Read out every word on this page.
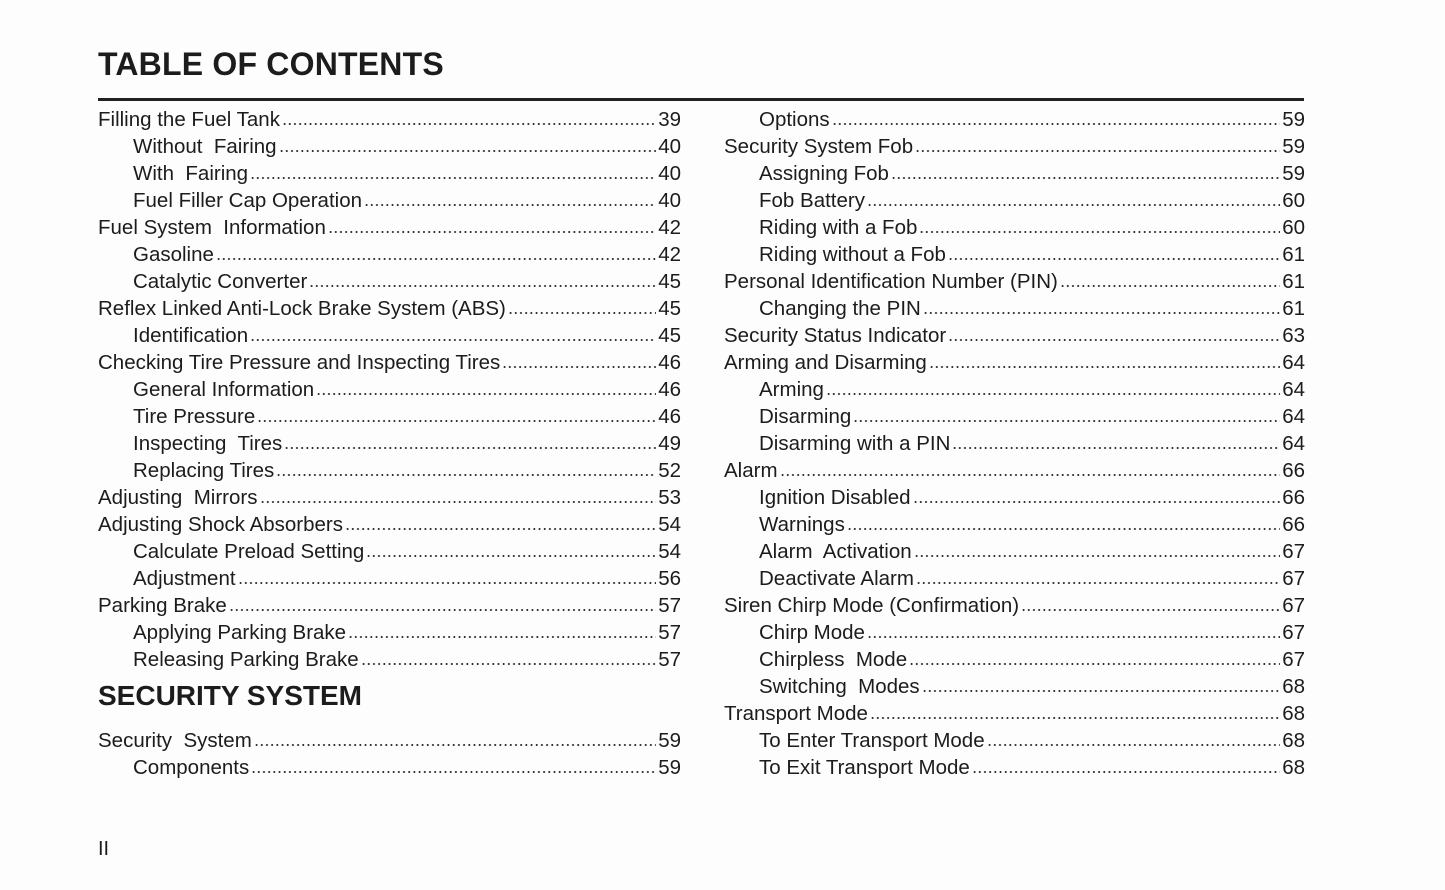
TABLE OF CONTENTS
Filling the Fuel Tank	39
Without  Fairing	40
With  Fairing	40
Fuel Filler Cap Operation	40
Fuel System  Information	42
Gasoline	42
Catalytic Converter	45
Reflex Linked Anti-Lock Brake System (ABS)	45
Identification	45
Checking Tire Pressure and Inspecting Tires	46
General Information	46
Tire Pressure	46
Inspecting  Tires	49
Replacing Tires	52
Adjusting  Mirrors	53
Adjusting Shock Absorbers	54
Calculate Preload Setting	54
Adjustment	56
Parking Brake	57
Applying Parking Brake	57
Releasing Parking Brake	57
SECURITY SYSTEM
Security  System	59
Components	59
Options	59
Security System Fob	59
Assigning Fob	59
Fob Battery	60
Riding with a Fob	60
Riding without a Fob	61
Personal Identification Number (PIN)	61
Changing the PIN	61
Security Status Indicator	63
Arming and Disarming	64
Arming	64
Disarming	64
Disarming with a PIN	64
Alarm	66
Ignition Disabled	66
Warnings	66
Alarm  Activation	67
Deactivate Alarm	67
Siren Chirp Mode (Confirmation)	67
Chirp Mode	67
Chirpless  Mode	67
Switching  Modes	68
Transport Mode	68
To Enter Transport Mode	68
To Exit Transport Mode	68
II
